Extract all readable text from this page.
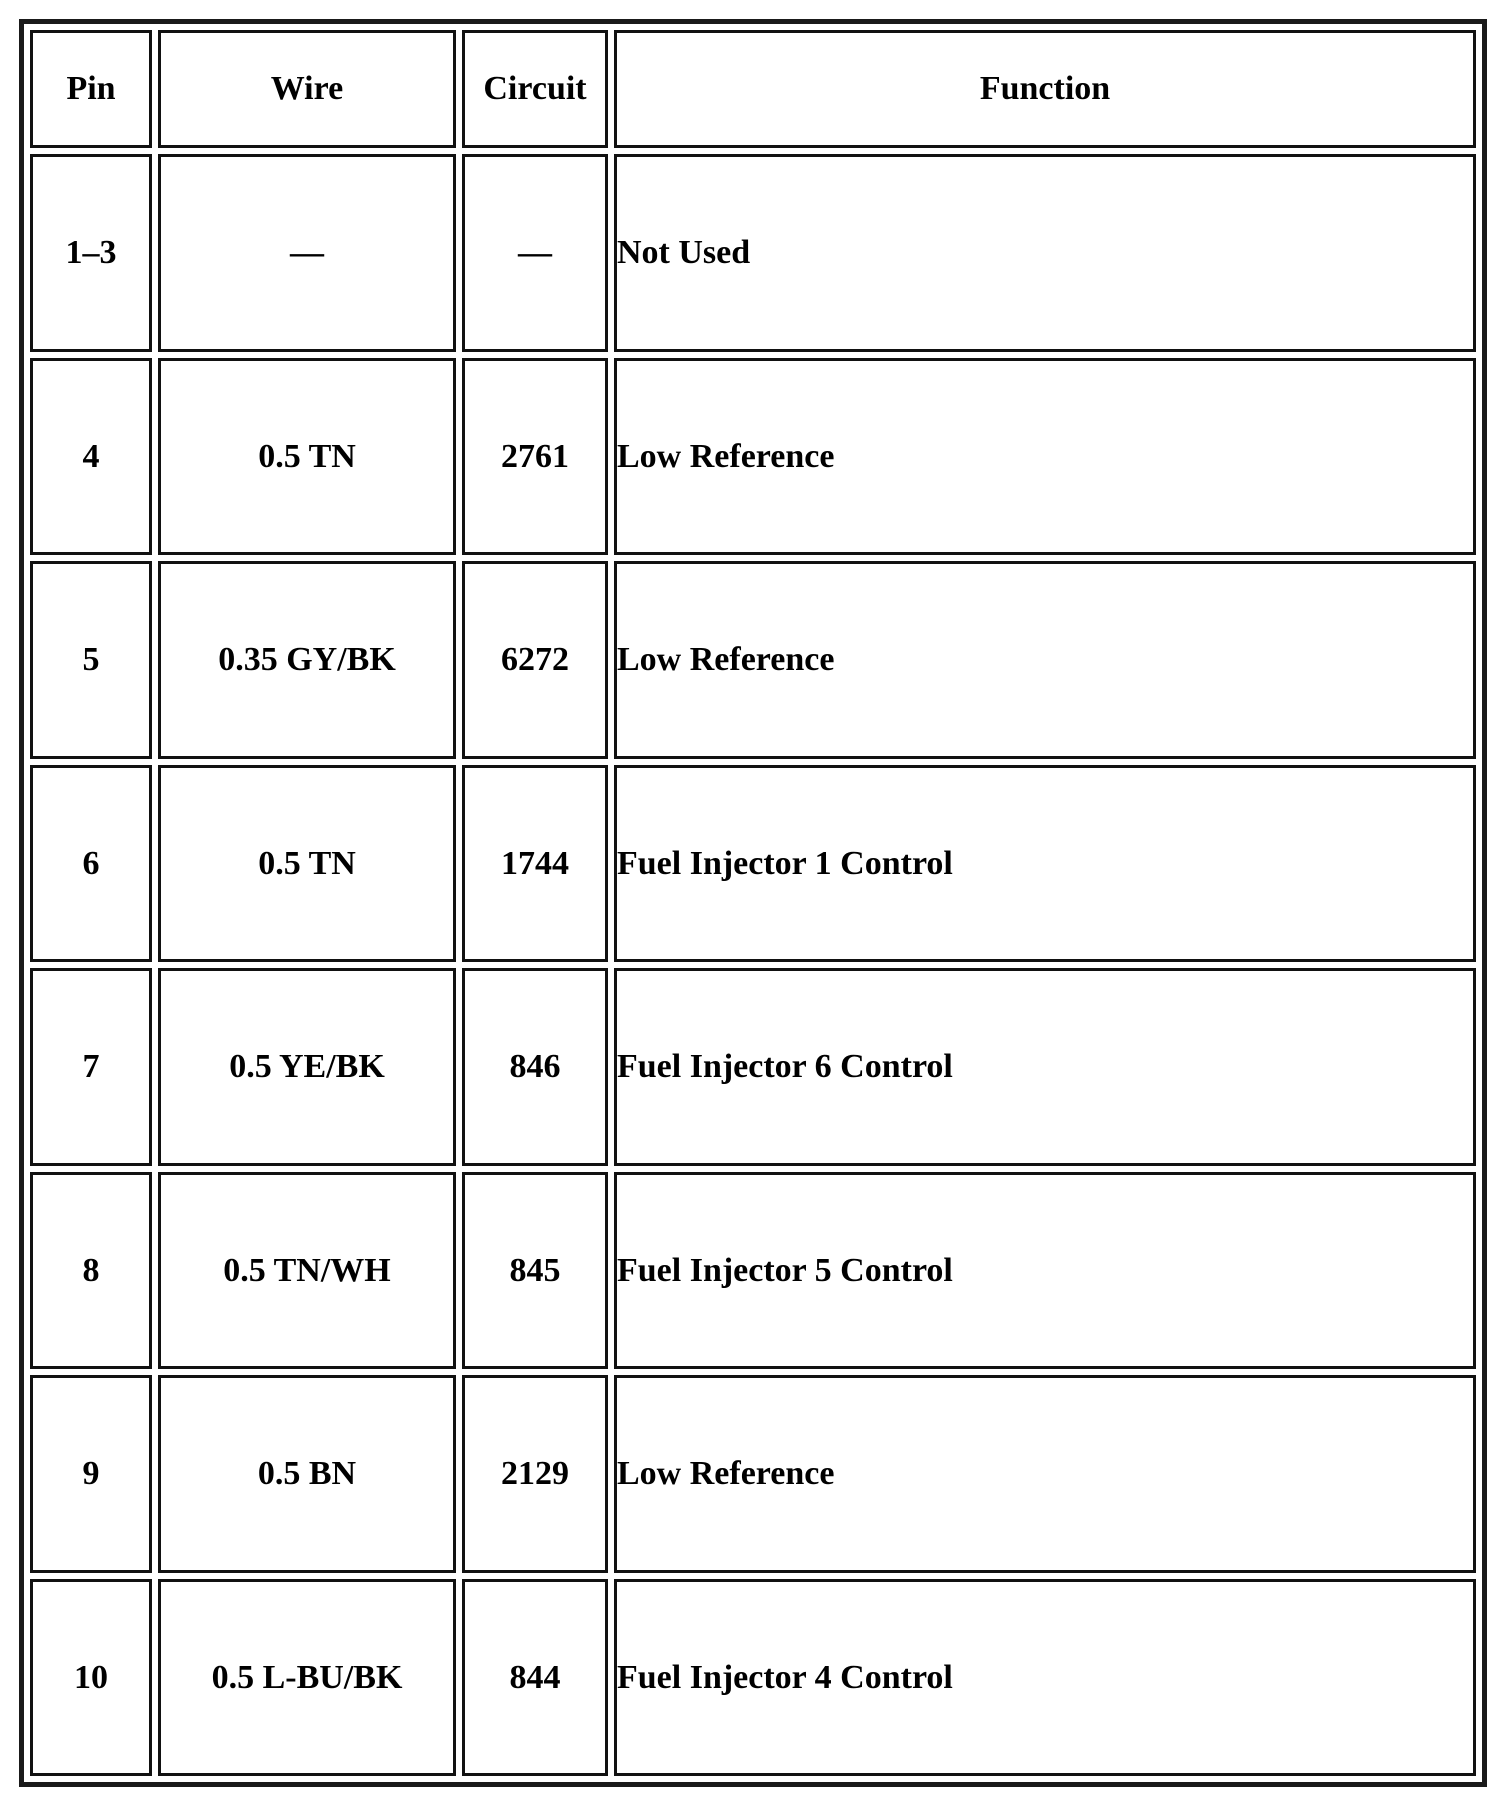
Pin	Wire	Circuit	Function
1–3	—	—	Not Used
4	0.5 TN	2761	Low Reference
5	0.35 GY/BK	6272	Low Reference
6	0.5 TN	1744	Fuel Injector 1 Control
7	0.5 YE/BK	846	Fuel Injector 6 Control
8	0.5 TN/WH	845	Fuel Injector 5 Control
9	0.5 BN	2129	Low Reference
10	0.5 L-BU/BK	844	Fuel Injector 4 Control
